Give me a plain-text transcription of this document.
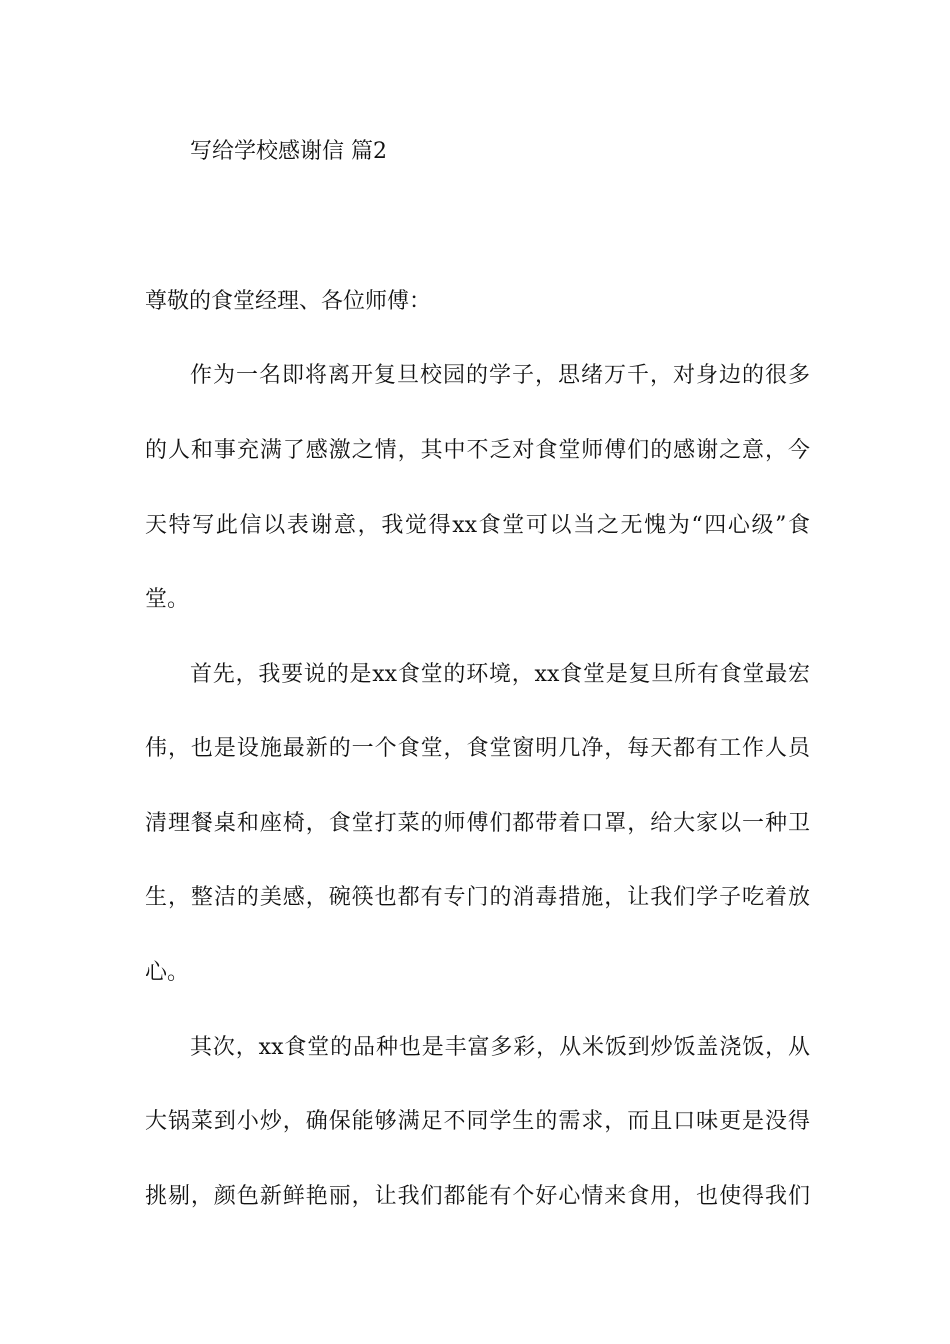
写给学校感谢信 篇2
尊敬的食堂经理、各位师傅：
作为一名即将离开复旦校园的学子，思绪万千，对身边的很多
的人和事充满了感激之情，其中不乏对食堂师傅们的感谢之意，今
天特写此信以表谢意，我觉得xx食堂可以当之无愧为“四心级”食
堂。
首先，我要说的是xx食堂的环境，xx食堂是复旦所有食堂最宏
伟，也是设施最新的一个食堂，食堂窗明几净，每天都有工作人员
清理餐桌和座椅，食堂打菜的师傅们都带着口罩，给大家以一种卫
生，整洁的美感，碗筷也都有专门的消毒措施，让我们学子吃着放
心。
其次，xx食堂的品种也是丰富多彩，从米饭到炒饭盖浇饭，从
大锅菜到小炒，确保能够满足不同学生的需求，而且口味更是没得
挑剔，颜色新鲜艳丽，让我们都能有个好心情来食用，也使得我们
